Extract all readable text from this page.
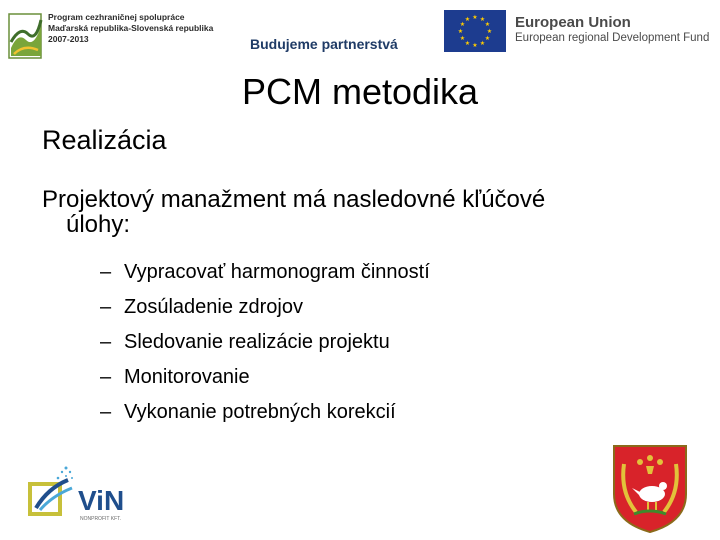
Program cezhraničnej spolupráce
Maďarská republika-Slovenská republika
2007-2013	Budujeme partnerstvá
★ ★
★
★
★
★
★
★
★
★
★
★	European Union
European regional Development Fund
PCM metodika
Realizácia
Projektový manažment má nasledovné kľúčové
úlohy:
– Vypracovať harmonogram činností
– Zosúladenie zdrojov
– Sledovanie realizácie projektu
– Monitorovanie
– Vykonanie potrebných korekcií
ViN
NONPROFIT KFT.
